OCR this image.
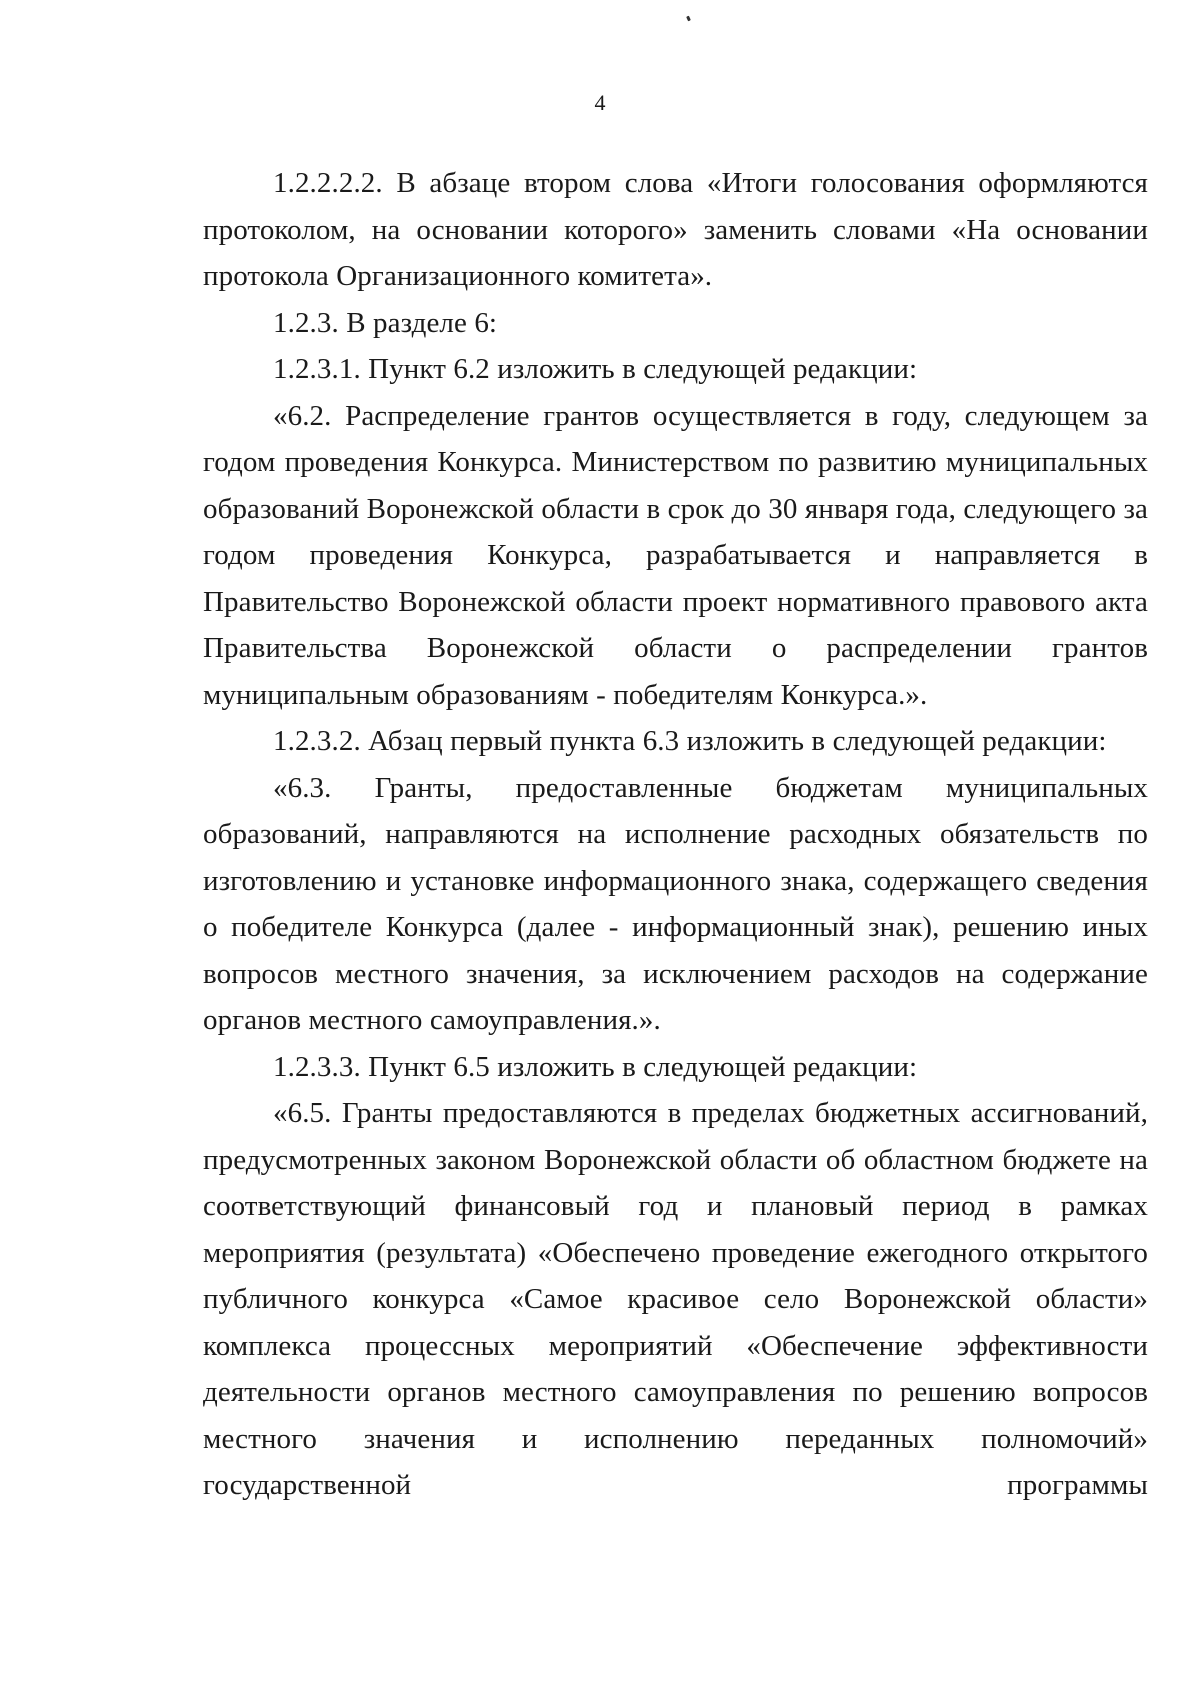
4

1.2.2.2.2. В абзаце втором слова «Итоги голосования оформляются протоколом, на основании которого» заменить словами «На основании протокола Организационного комитета».

1.2.3. В разделе 6:

1.2.3.1. Пункт 6.2 изложить в следующей редакции:

«6.2. Распределение грантов осуществляется в году, следующем за годом проведения Конкурса. Министерством по развитию муниципальных образований Воронежской области в срок до 30 января года, следующего за годом проведения Конкурса, разрабатывается и направляется в Правительство Воронежской области проект нормативного правового акта Правительства Воронежской области о распределении грантов муниципальным образованиям - победителям Конкурса.».

1.2.3.2. Абзац первый пункта 6.3 изложить в следующей редакции:

«6.3. Гранты, предоставленные бюджетам муниципальных образований, направляются на исполнение расходных обязательств по изготовлению и установке информационного знака, содержащего сведения о победителе Конкурса (далее - информационный знак), решению иных вопросов местного значения, за исключением расходов на содержание органов местного самоуправления.».

1.2.3.3. Пункт 6.5 изложить в следующей редакции:

«6.5. Гранты предоставляются в пределах бюджетных ассигнований, предусмотренных законом Воронежской области об областном бюджете на соответствующий финансовый год и плановый период в рамках мероприятия (результата) «Обеспечено проведение ежегодного открытого публичного конкурса «Самое красивое село Воронежской области» комплекса процессных мероприятий «Обеспечение эффективности деятельности органов местного самоуправления по решению вопросов местного значения и исполнению переданных полномочий» государственной программы
